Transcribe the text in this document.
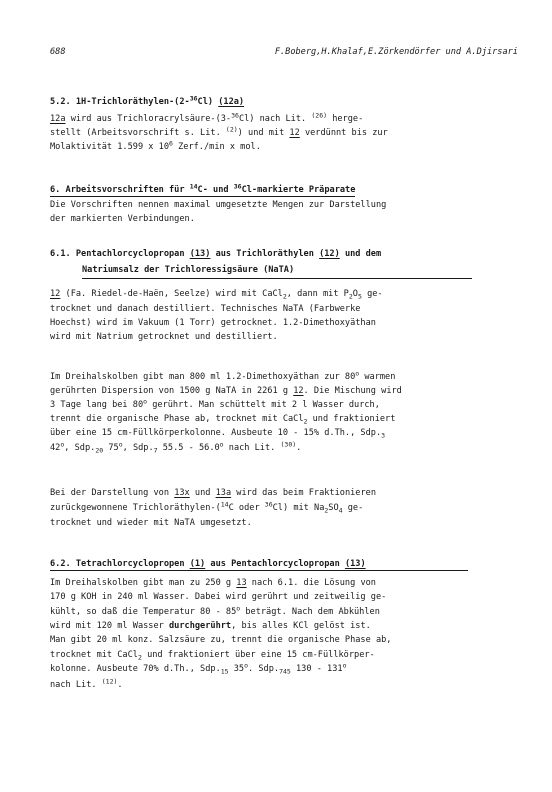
688	F.Boberg,H.Khalaf,E.Zörkendörfer und A.Djirsari
5.2. 1H-Trichloräthylen-(2-$^{36}$Cl) (12a)
12a wird aus Trichloracrylsäure-(3-$^{36}$Cl) nach Lit. $^{(26)}$ herge-
stellt (Arbeitsvorschrift s. Lit. $^{(2)}$) und mit 12 verdünnt bis zur
Molaktivität 1.599 x $10^6$ Zerf./min x mol.
6. Arbeitsvorschriften für $^{14}$C- und $^{36}$Cl-markierte Präparate
Die Vorschriften nennen maximal umgesetzte Mengen zur Darstellung
der markierten Verbindungen.
6.1. Pentachlorcyclopropan (13) aus Trichloräthylen (12) und dem
Natriumsalz der Trichloressigsäure (NaTA)
12 (Fa. Riedel-de-Haën, Seelze) wird mit CaCl$_2$, dann mit $P_2O_5$ ge-
trocknet und danach destilliert. Technisches NaTA (Farbwerke
Hoechst) wird im Vakuum (1 Torr) getrocknet. 1.2-Dimethoxyäthan
wird mit Natrium getrocknet und destilliert.
Im Dreihalskolben gibt man 800 ml 1.2-Dimethoxyäthan zur 80$^o$ warmen
gerührten Dispersion von 1500 g NaTA in 2261 g 12. Die Mischung wird
3 Tage lang bei 80$^o$ gerührt. Man schüttelt mit 2 l Wasser durch,
trennt die organische Phase ab, trocknet mit CaCl$_2$ und fraktioniert
über eine 15 cm-Füllkörperkolonne. Ausbeute 10 - 15% d.Th., $Sdp._3$
42$^o$, $Sdp._{20}$ 75$^o$, $Sdp._7$ 55.5 - 56.0$^o$ nach Lit. $^{(30)}$.
Bei der Darstellung von 13x und 13a wird das beim Fraktionieren
zurückgewonnene Trichloräthylen-($^{14}$C oder $^{36}$Cl) mit $Na_2SO_4$ ge-
trocknet und wieder mit NaTA umgesetzt.
6.2. Tetrachlorcyclopropen (1) aus Pentachlorcyclopropan (13)
Im Dreihalskolben gibt man zu 250 g 13 nach 6.1. die Lösung von
170 g KOH in 240 ml Wasser. Dabei wird gerührt und zeitweilig ge-
kühlt, so daß die Temperatur 80 - 85$^o$ beträgt. Nach dem Abkühlen
wird mit 120 ml Wasser durchgerührt, bis alles KCl gelöst ist.
Man gibt 20 ml konz. Salzsäure zu, trennt die organische Phase ab,
trocknet mit CaCl$_2$ und fraktioniert über eine 15 cm-Füllkörper-
kolonne. Ausbeute 70% d.Th., $Sdp._{15}$ 35$^o$. $Sdp._{745}$ 130 - 131$^o$
nach Lit. $^{(12)}$.
